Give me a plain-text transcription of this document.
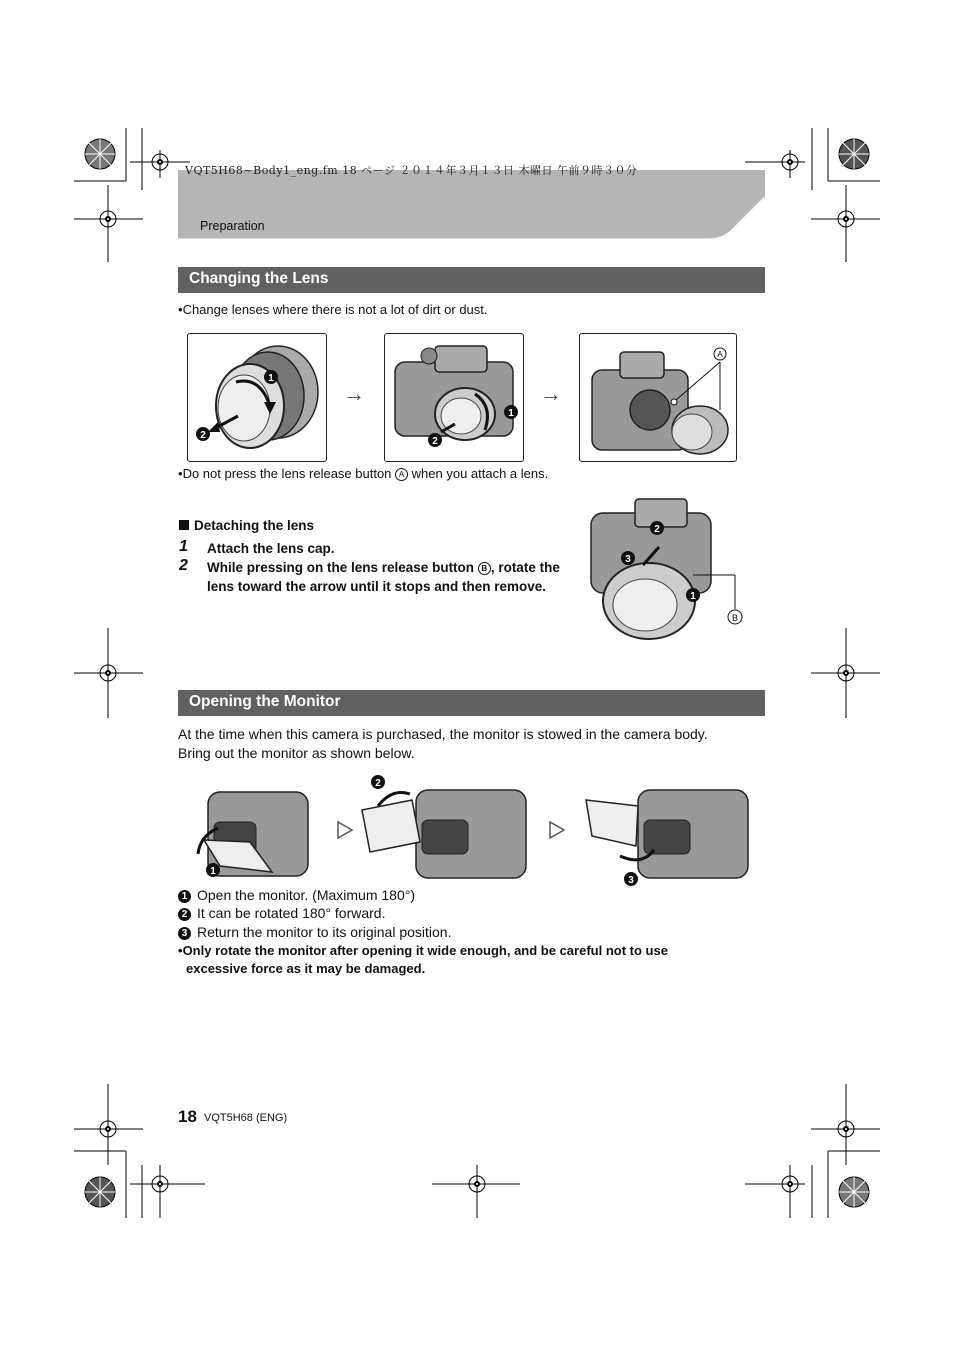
VQT5H68~Body1_eng.fm 18 ページ ２０１４年３月１３日 木曜日 午前９時３０分
Preparation
Changing the Lens
•Change lenses where there is not a lot of dirt or dust.
1
2
→
1
2
→
A
•Do not press the lens release button A when you attach a lens.
Detaching the lens
1 Attach the lens cap.
2 While pressing on the lens release button B , rotate the lens toward the arrow until it stops and then remove.
2
3
1
B
Opening the Monitor
At the time when this camera is purchased, the monitor is stowed in the camera body.
Bring out the monitor as shown below.
1
2
3
1 Open the monitor. (Maximum 180°)
2 It can be rotated 180° forward.
3 Return the monitor to its original position.
•Only rotate the monitor after opening it wide enough, and be careful not to use
excessive force as it may be damaged.
18 VQT5H68 (ENG)
